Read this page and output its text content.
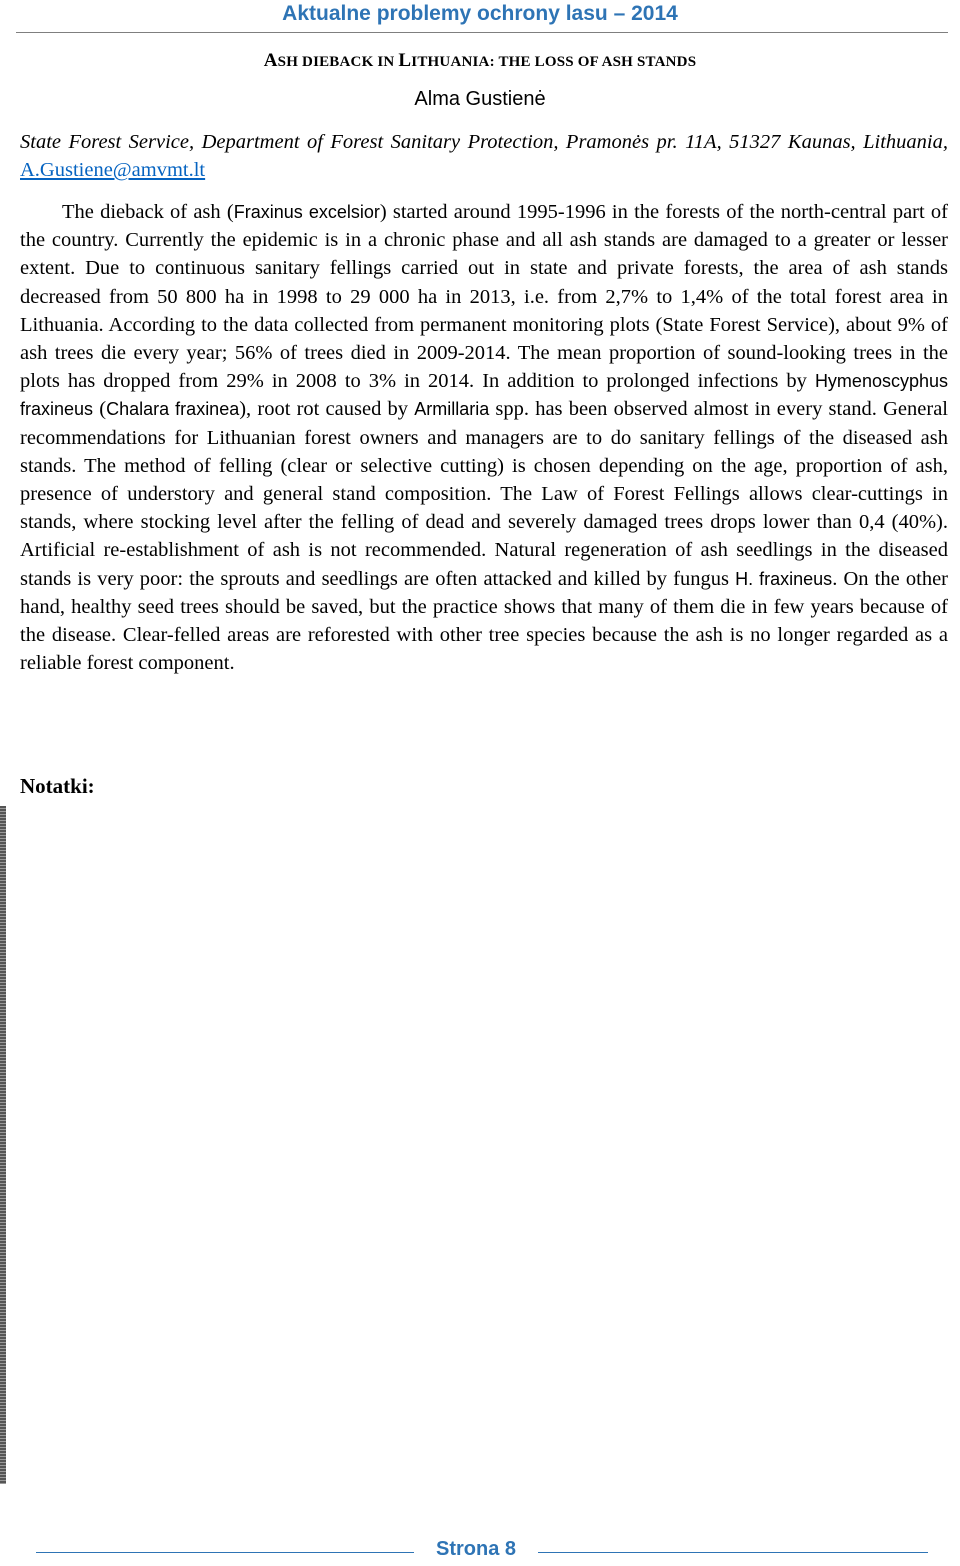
Aktualne problemy ochrony lasu – 2014
ASH DIEBACK IN LITHUANIA: THE LOSS OF ASH STANDS
Alma Gustienė
State Forest Service, Department of Forest Sanitary Protection, Pramonės pr. 11A, 51327 Kaunas, Lithuania, A.Gustiene@amvmt.lt

The dieback of ash (Fraxinus excelsior) started around 1995-1996 in the forests of the north-central part of the country. Currently the epidemic is in a chronic phase and all ash stands are damaged to a greater or lesser extent. Due to continuous sanitary fellings carried out in state and private forests, the area of ash stands decreased from 50 800 ha in 1998 to 29 000 ha in 2013, i.e. from 2,7% to 1,4% of the total forest area in Lithuania. According to the data collected from permanent monitoring plots (State Forest Service), about 9% of ash trees die every year; 56% of trees died in 2009-2014. The mean proportion of sound-looking trees in the plots has dropped from 29% in 2008 to 3% in 2014. In addition to prolonged infections by Hymenoscyphus fraxineus (Chalara fraxinea), root rot caused by Armillaria spp. has been observed almost in every stand. General recommendations for Lithuanian forest owners and managers are to do sanitary fellings of the diseased ash stands. The method of felling (clear or selective cutting) is chosen depending on the age, proportion of ash, presence of understory and general stand composition. The Law of Forest Fellings allows clear-cuttings in stands, where stocking level after the felling of dead and severely damaged trees drops lower than 0,4 (40%). Artificial re-establishment of ash is not recommended. Natural regeneration of ash seedlings in the diseased stands is very poor: the sprouts and seedlings are often attacked and killed by fungus H. fraxineus. On the other hand, healthy seed trees should be saved, but the practice shows that many of them die in few years because of the disease. Clear-felled areas are reforested with other tree species because the ash is no longer regarded as a reliable forest component.

Notatki:
Strona 8
